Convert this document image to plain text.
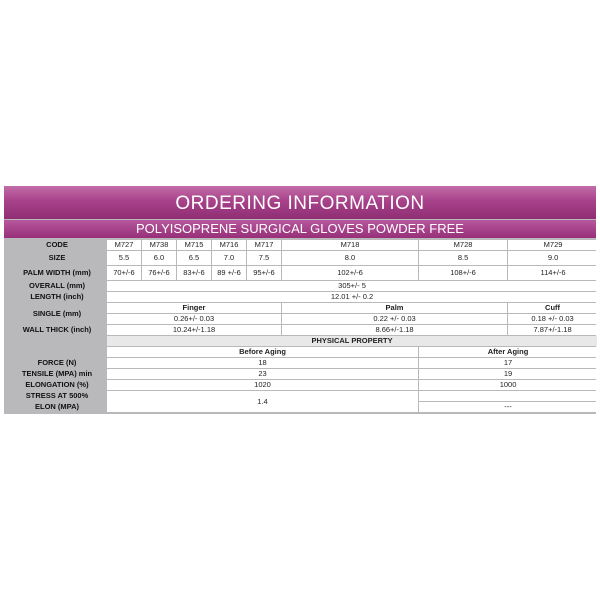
ORDERING INFORMATION
POLYISOPRENE SURGICAL GLOVES POWDER FREE
CODE	M727	M738	M715	M716	M717	M718	M728	M729
SIZE	5.5	6.0	6.5	7.0	7.5	8.0	8.5	9.0
PALM WIDTH (mm)	70+/-6	76+/-6	83+/-6	89 +/-6	95+/-6	102+/-6	108+/-6	114+/-6
OVERALL (mm)	305+/- 5							
LENGTH (inch)	12.01 +/- 0.2							
SINGLE (mm)	Finger					Palm		Cuff
	0.26+/- 0.03					0.22 +/- 0.03		0.18 +/- 0.03
WALL THICK (inch)	10.24+/-1.18					8.66+/-1.18		7.87+/-1.18
	PHYSICAL PROPERTY							
	Before Aging						After Aging	
FORCE (N)	18						17	
TENSILE (MPA) min	23						19	
ELONGATION (%)	1020						1000	
STRESS AT 500%	1.4							
ELON (MPA)							---	
